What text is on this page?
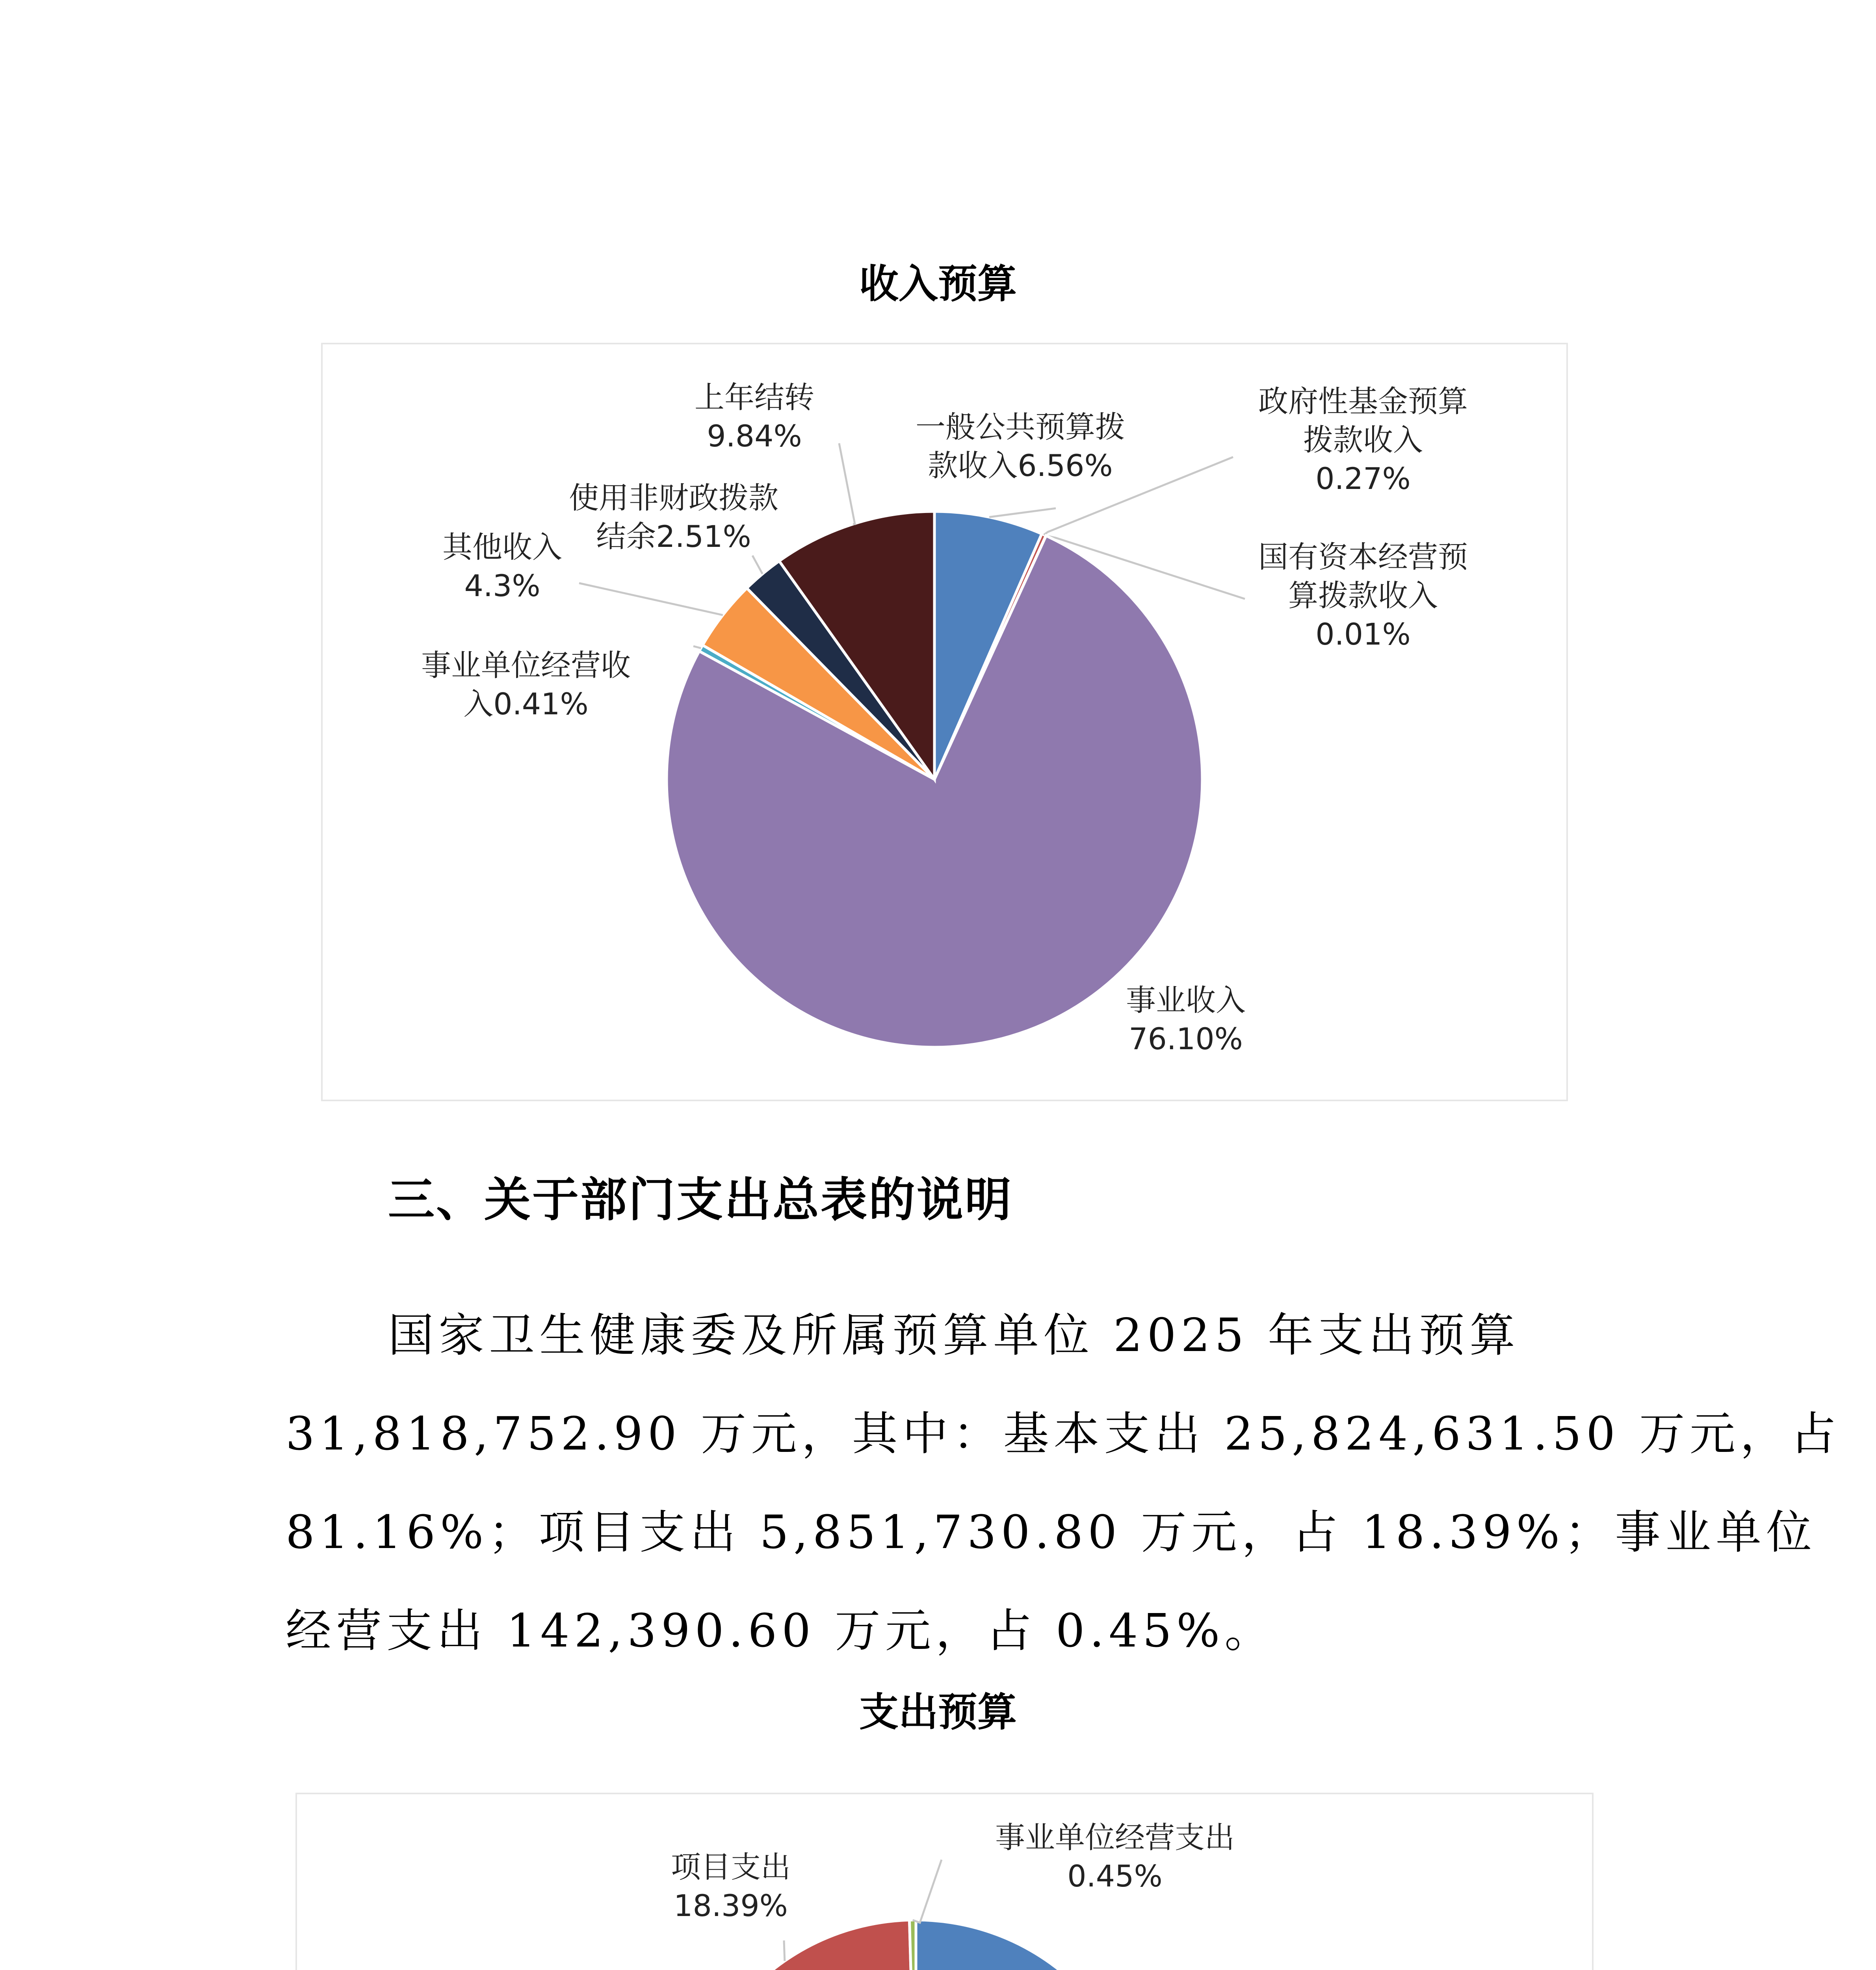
收入预算
三、关于部门支出总表的说明

国家卫生健康委及所属预算单位 2025 年支出预算

31,818,752.90 万元，其中：基本支出 25,824,631.50 万元，占

81.16%；项目支出 5,851,730.80 万元，占 18.39%；事业单位

经营支出 142,390.60 万元，占 0.45%。

支出预算
一般公共预算拨款收入6.56%
政府性基金预算拨款收入 0.27%
国有资本经营预算拨款收入 0.01%
事业收入 76.10%
事业单位经营收入0.41%
其他收入 4.3%
使用非财政拨款结余2.51%
上年结转 9.84%
项目支出 18.39%
事业单位经营支出 0.45%
